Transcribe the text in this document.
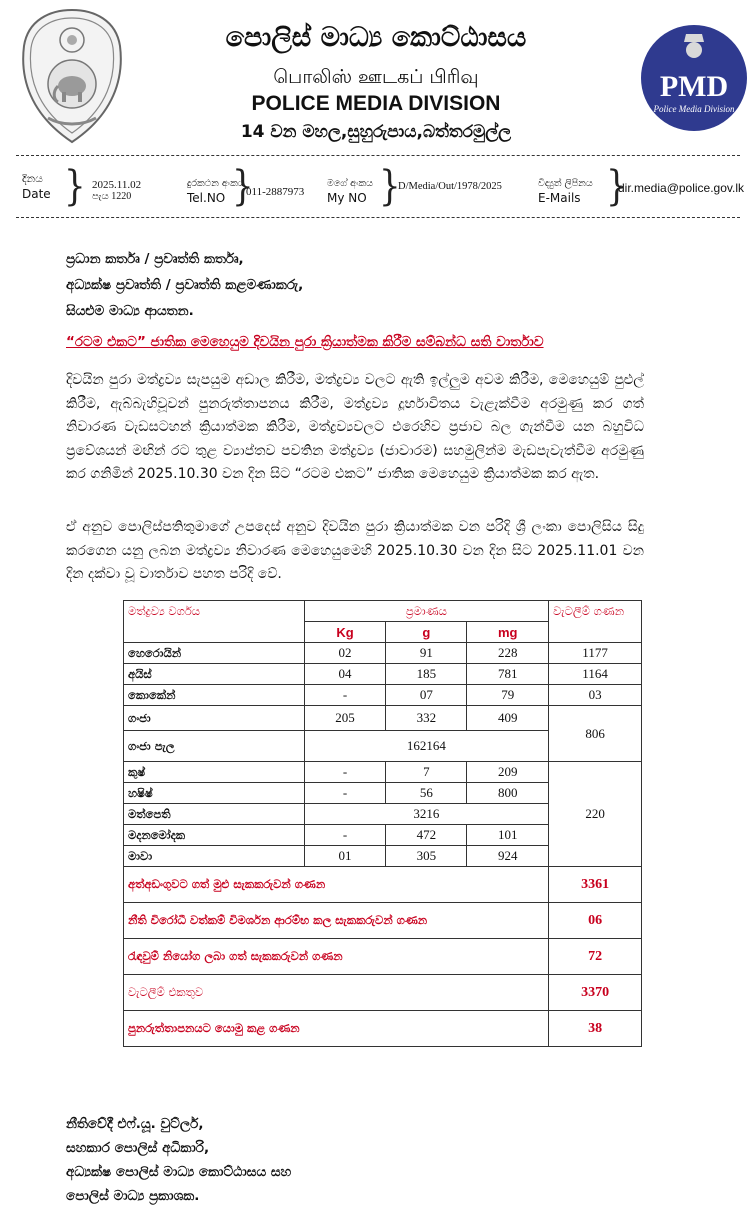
පොලිස් මාධ්‍ය කොට්ඨාසය
பொலிஸ் ஊடகப் பிரிவு
POLICE MEDIA DIVISION
14 වන මහල,සුහුරුපාය,බත්තරමුල්ල
PMD
Police Media Division
දිනය
Date } 2025.11.02
පැය 1220
දුරකථන අංකය
Tel.NO }
011-2887973
මගේ අංකය
My NO }
D/Media/Out/1978/2025	විද්‍යුත් ලිපිනය
E-Mails }
dir.media@police.gov.lk
ප්‍රධාන කර්තෘ / ප්‍රවෘත්ති කර්තෘ,
අධ්‍යක්ෂ ප්‍රවෘත්ති / ප්‍රවෘත්ති කළමණාකරු,
සියළුම මාධ්‍ය ආයතන.
“රටම එකට” ජාතික මෙහෙයුම දිවයින පුරා ක්‍රියාත්මක කිරීම සම්බන්ධ සති වාර්තාව
දිවයින පුරා මත්ද්‍රව්‍ය සැපයුම අඩාල කිරීම, මත්ද්‍රව්‍ය වලට ඇති ඉල්ලුම අවම කිරීම, මෙහෙයුම් පුළුල් කිරීම, ඇබ්බැහිවූවන් පුනරුත්තාපනය කිරීම, මත්ද්‍රව්‍ය දූර්භාවිතය වැළැක්වීම අරමුණු කර ගත් නිවාරණ වැඩසටහන් ක්‍රියාත්මක කිරීම, මත්ද්‍රව්‍යවලට එරෙහිව ප්‍රජාව බල ගැන්වීම යන බහුවිධ ප්‍රවේශයන් මඟින් රට තුළ ව්‍යාප්තව පවතින මත්ද්‍රව්‍ය (ජාවාරම) සහමුලින්ම මැඩපැවැත්වීම අරමුණු කර ගනිමින් 2025.10.30 වන දින සිට “රටම එකට” ජාතික මෙහෙයුම ක්‍රියාත්මක කර ඇත.
ඒ අනුව පොලිස්පතිතුමාගේ උපදෙස් අනුව දිවයින පුරා ක්‍රියාත්මක වන පරිදි ශ්‍රී ලංකා පොලිසිය සිදු කරගෙන යනු ලබන මත්ද්‍රව්‍ය නිවාරණ මෙහෙයුමෙහි 2025.10.30 වන දින සිට 2025.11.01 වන දින දක්වා වූ වාර්තාව පහත පරිදි වේ.
මත්ද්‍රව්‍ය වර්ගය	ප්‍රමාණය			වැටලීම් ගණන
	Kg	g	mg	
හෙරොයින්	02	91	228	1177
අයිස්	04	185	781	1164
කොකේන්	-	07	79	03
ගංජා	205	332	409	806
ගංජා පැල	162164			
කුෂ්	-	7	209	220
හෂිෂ්	-	56	800	
මත්පෙති	3216			
මදනමෝදක	-	472	101	
මාවා	01	305	924	
අත්අඩංගුවට ගත් මුළු සැකකරුවන් ගණන				3361
නීති විරෝධී වත්කම් විමර්ශන ආරම්භ කල සැකකරුවන් ගණන				06
රැඳවුම් නියෝග ලබා ගත් සැකකරුවන් ගණන				72
වැටලීම් එකතුව				3370
පුනරුත්තාපනයට යොමු කළ ගණන				38
නීතිවේදී එෆ්.යූ. වුට්ලර්,
සහකාර පොලිස් අධිකාරි,
අධ්‍යක්ෂ පොලිස් මාධ්‍ය කොට්ඨාසය සහ
පොලිස් මාධ්‍ය ප්‍රකාශක.
